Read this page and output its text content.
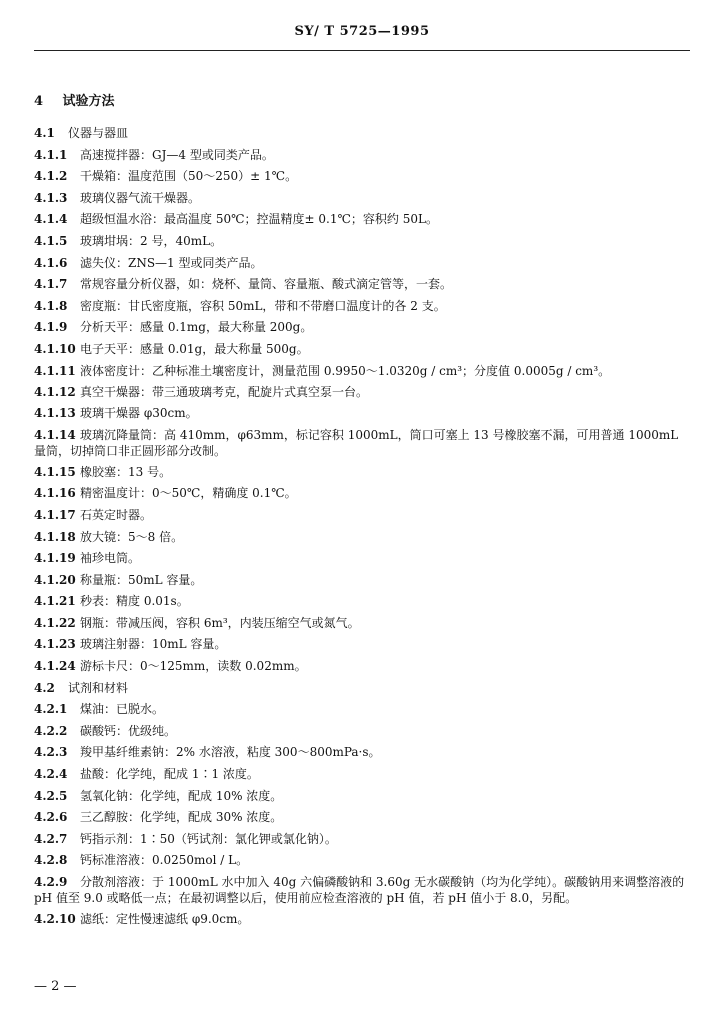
SY/ T 5725—1995
4 试验方法
4.1 仪器与器皿
4.1.1 高速搅拌器：GJ—4 型或同类产品。
4.1.2 干燥箱：温度范围（50～250）± 1℃。
4.1.3 玻璃仪器气流干燥器。
4.1.4 超级恒温水浴：最高温度 50℃；控温精度± 0.1℃；容积约 50L。
4.1.5 玻璃坩埚：2 号，40mL。
4.1.6 滤失仪：ZNS—1 型或同类产品。
4.1.7 常规容量分析仪器，如：烧杯、量筒、容量瓶、酸式滴定管等，一套。
4.1.8 密度瓶：甘氏密度瓶，容积 50mL，带和不带磨口温度计的各 2 支。
4.1.9 分析天平：感量 0.1mg，最大称量 200g。
4.1.10 电子天平：感量 0.01g，最大称量 500g。
4.1.11 液体密度计：乙种标准土壤密度计，测量范围 0.9950～1.0320g / cm³；分度值 0.0005g / cm³。
4.1.12 真空干燥器：带三通玻璃考克，配旋片式真空泵一台。
4.1.13 玻璃干燥器 φ30cm。
4.1.14 玻璃沉降量筒：高 410mm，φ63mm，标记容积 1000mL，筒口可塞上 13 号橡胶塞不漏，可用普通 1000mL 量筒，切掉筒口非正圆形部分改制。
4.1.15 橡胶塞：13 号。
4.1.16 精密温度计：0～50℃，精确度 0.1℃。
4.1.17 石英定时器。
4.1.18 放大镜：5～8 倍。
4.1.19 袖珍电筒。
4.1.20 称量瓶：50mL 容量。
4.1.21 秒表：精度 0.01s。
4.1.22 钢瓶：带减压阀，容积 6m³，内装压缩空气或氮气。
4.1.23 玻璃注射器：10mL 容量。
4.1.24 游标卡尺：0～125mm，读数 0.02mm。
4.2 试剂和材料
4.2.1 煤油：已脱水。
4.2.2 碳酸钙：优级纯。
4.2.3 羧甲基纤维素钠：2% 水溶液，粘度 300～800mPa·s。
4.2.4 盐酸：化学纯，配成 1∶1 浓度。
4.2.5 氢氧化钠：化学纯，配成 10% 浓度。
4.2.6 三乙醇胺：化学纯，配成 30% 浓度。
4.2.7 钙指示剂：1∶50（钙试剂：氯化钾或氯化钠）。
4.2.8 钙标准溶液：0.0250mol / L。
4.2.9 分散剂溶液：于 1000mL 水中加入 40g 六偏磷酸钠和 3.60g 无水碳酸钠（均为化学纯）。碳酸钠用来调整溶液的 pH 值至 9.0 或略低一点；在最初调整以后，使用前应检查溶液的 pH 值，若 pH 值小于 8.0，另配。
4.2.10 滤纸：定性慢速滤纸 φ9.0cm。
— 2 —
